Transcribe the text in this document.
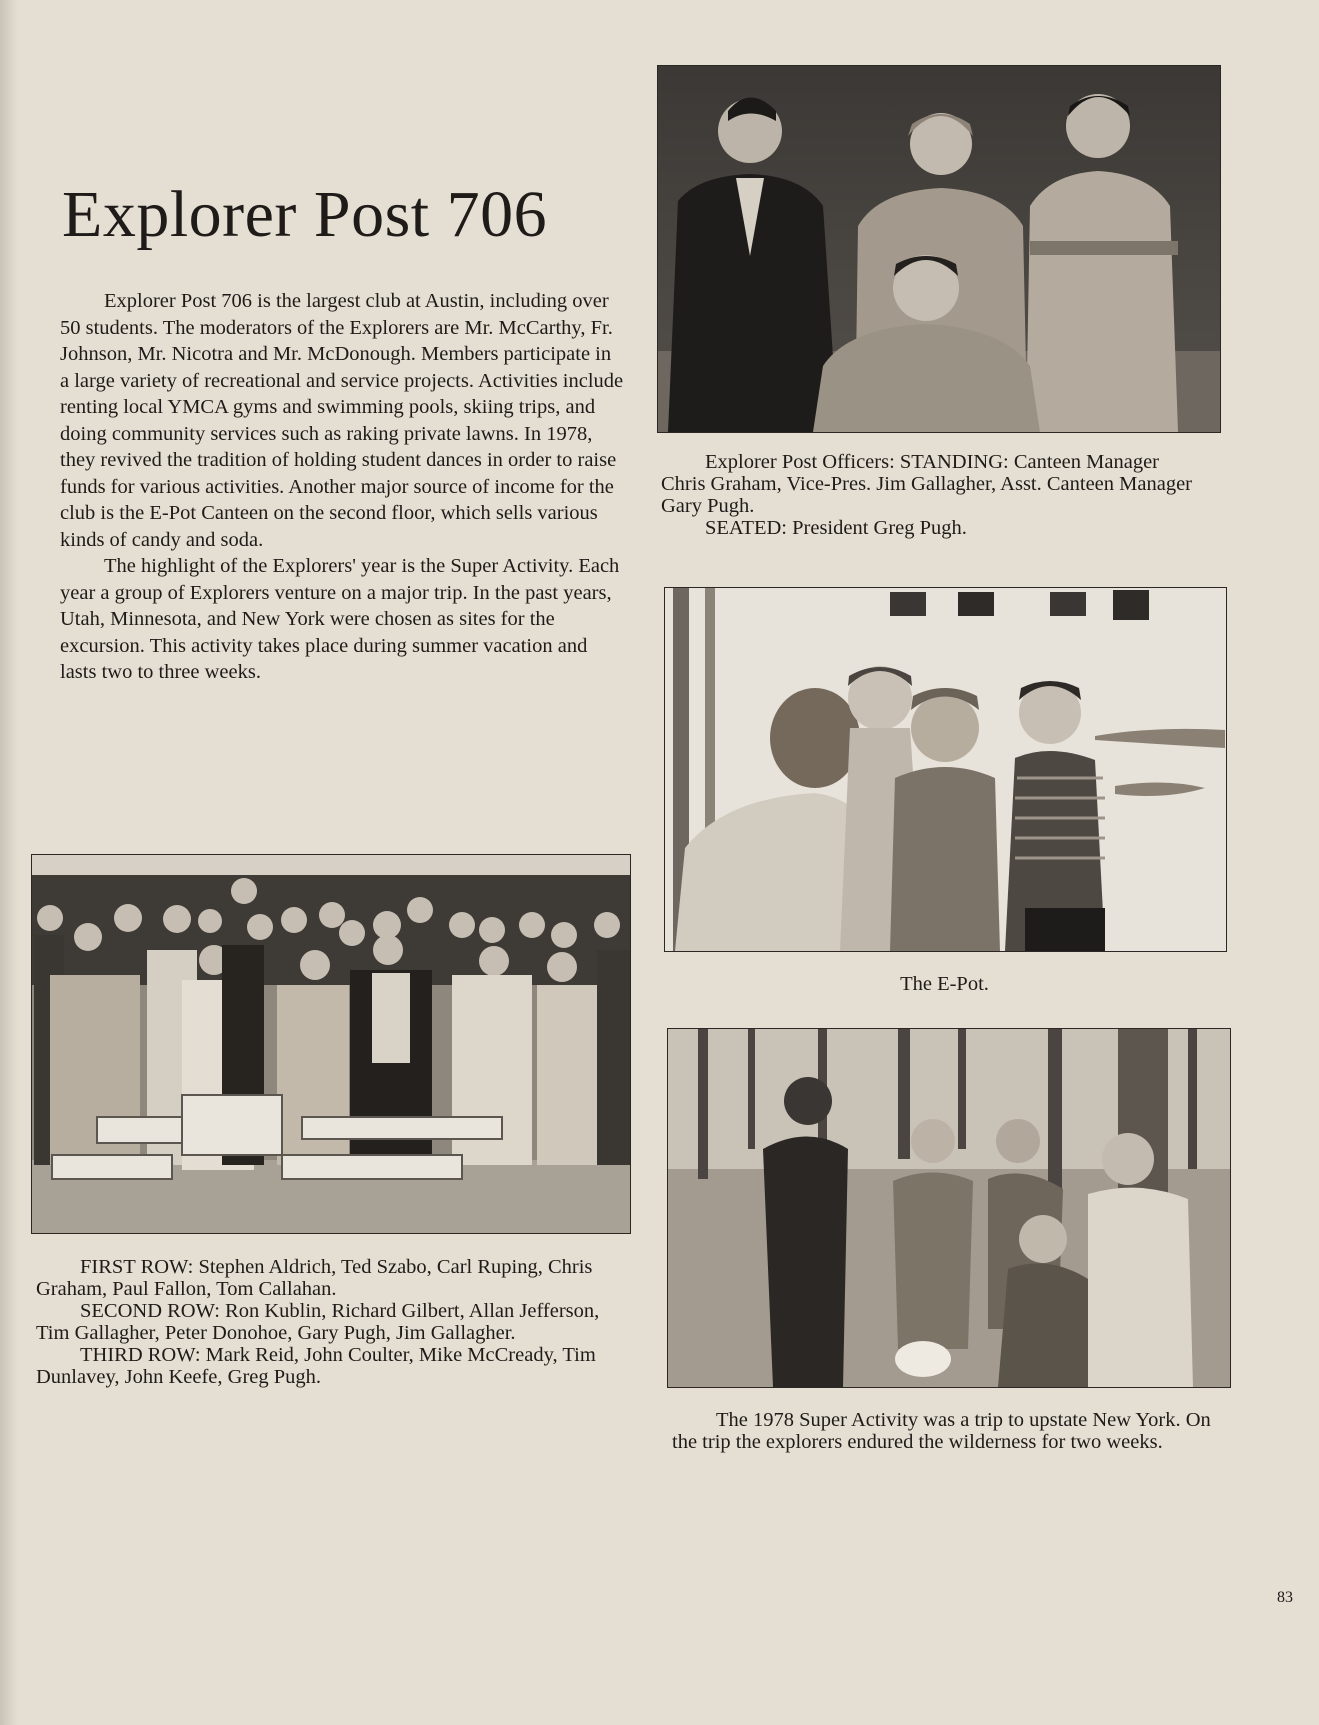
Explorer Post 706

Explorer Post 706 is the largest club at Austin, including over 50 students. The moderators of the Explorers are Mr. McCarthy, Fr. Johnson, Mr. Nicotra and Mr. McDonough. Members participate in a large variety of recreational and service projects. Activities include renting local YMCA gyms and swimming pools, skiing trips, and doing community services such as raking private lawns. In 1978, they revived the tradition of holding student dances in order to raise funds for various activities. Another major source of income for the club is the E-Pot Canteen on the second floor, which sells various kinds of candy and soda.

The highlight of the Explorers' year is the Super Activity. Each year a group of Explorers venture on a major trip. In the past years, Utah, Minnesota, and New York were chosen as sites for the excursion. This activity takes place during summer vacation and lasts two to three weeks.

Explorer Post Officers: STANDING: Canteen Manager Chris Graham, Vice-Pres. Jim Gallagher, Asst. Canteen Manager Gary Pugh.

SEATED: President Greg Pugh.

The E-Pot.

FIRST ROW: Stephen Aldrich, Ted Szabo, Carl Ruping, Chris Graham, Paul Fallon, Tom Callahan.

SECOND ROW: Ron Kublin, Richard Gilbert, Allan Jefferson, Tim Gallagher, Peter Donohoe, Gary Pugh, Jim Gallagher.

THIRD ROW: Mark Reid, John Coulter, Mike McCready, Tim Dunlavey, John Keefe, Greg Pugh.

The 1978 Super Activity was a trip to upstate New York. On the trip the explorers endured the wilderness for two weeks.

83
